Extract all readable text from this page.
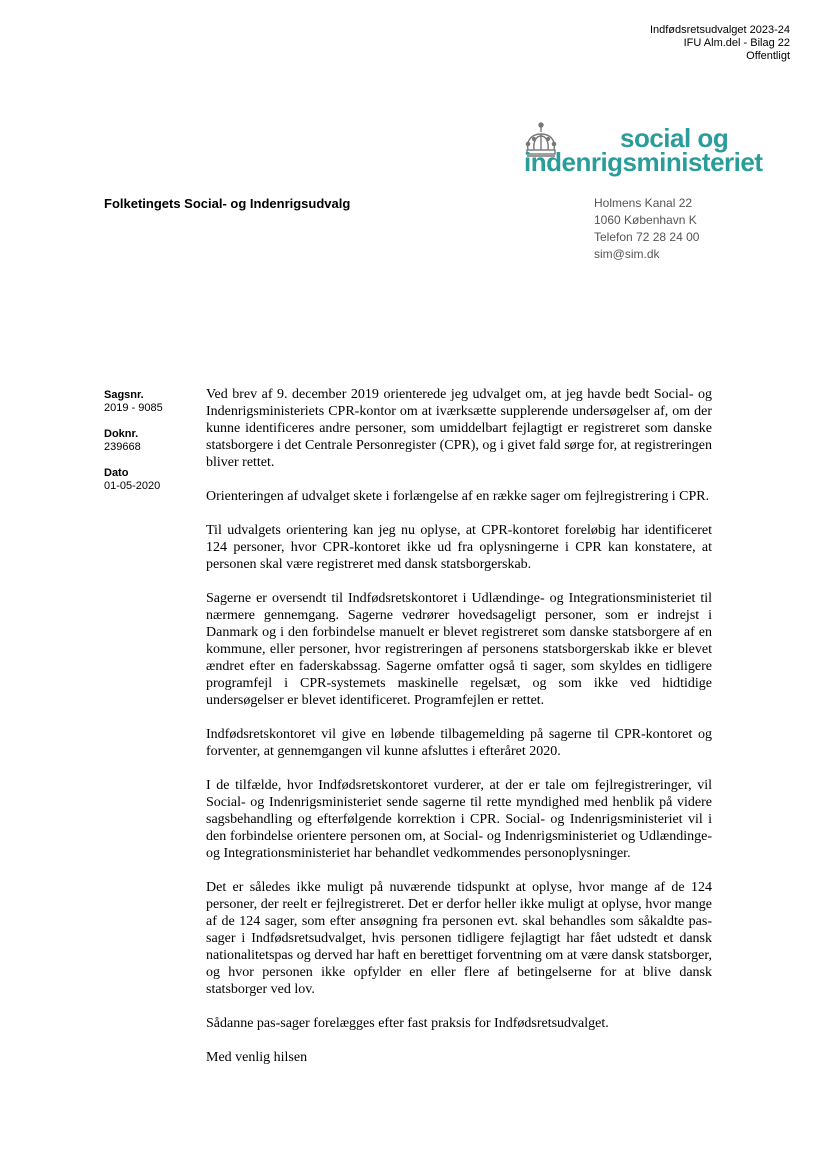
Indfødsretsudvalget 2023-24
IFU Alm.del - Bilag 22
Offentligt
social og
indenrigsministeriet
Folketingets Social- og Indenrigsudvalg	Holmens Kanal 22
1060 København K
Telefon 72 28 24 00
sim@sim.dk
Sagsnr.
2019 - 9085
Doknr.
239668
Dato
01-05-2020

Ved brev af 9. december 2019 orienterede jeg udvalget om, at jeg havde bedt Social- og Indenrigsministeriets CPR-kontor om at iværksætte supplerende undersøgelser af, om der kunne identificeres andre personer, som umiddelbart fejlagtigt er registreret som danske statsborgere i det Centrale Personregister (CPR), og i givet fald sørge for, at registreringen bliver rettet.

Orienteringen af udvalget skete i forlængelse af en række sager om fejlregistrering i CPR.

Til udvalgets orientering kan jeg nu oplyse, at CPR-kontoret foreløbig har identificeret 124 personer, hvor CPR-kontoret ikke ud fra oplysningerne i CPR kan konstatere, at personen skal være registreret med dansk statsborgerskab.

Sagerne er oversendt til Indfødsretskontoret i Udlændinge- og Integrationsministeriet til nærmere gennemgang. Sagerne vedrører hovedsageligt personer, som er indrejst i Danmark og i den forbindelse manuelt er blevet registreret som danske statsborgere af en kommune, eller personer, hvor registreringen af personens statsborgerskab ikke er blevet ændret efter en faderskabssag. Sagerne omfatter også ti sager, som skyldes en tidligere programfejl i CPR-systemets maskinelle regelsæt, og som ikke ved hidtidige undersøgelser er blevet identificeret. Programfejlen er rettet.

Indfødsretskontoret vil give en løbende tilbagemelding på sagerne til CPR-kontoret og forventer, at gennemgangen vil kunne afsluttes i efteråret 2020.

I de tilfælde, hvor Indfødsretskontoret vurderer, at der er tale om fejlregistreringer, vil Social- og Indenrigsministeriet sende sagerne til rette myndighed med henblik på videre sagsbehandling og efterfølgende korrektion i CPR. Social- og Indenrigsministeriet vil i den forbindelse orientere personen om, at Social- og Indenrigsministeriet og Udlændinge- og Integrationsministeriet har behandlet vedkommendes personoplysninger.

Det er således ikke muligt på nuværende tidspunkt at oplyse, hvor mange af de 124 personer, der reelt er fejlregistreret. Det er derfor heller ikke muligt at oplyse, hvor mange af de 124 sager, som efter ansøgning fra personen evt. skal behandles som såkaldte pas-sager i Indfødsretsudvalget, hvis personen tidligere fejlagtigt har fået udstedt et dansk nationalitetspas og derved har haft en berettiget forventning om at være dansk statsborger, og hvor personen ikke opfylder en eller flere af betingelserne for at blive dansk statsborger ved lov.

Sådanne pas-sager forelægges efter fast praksis for Indfødsretsudvalget.

Med venlig hilsen
